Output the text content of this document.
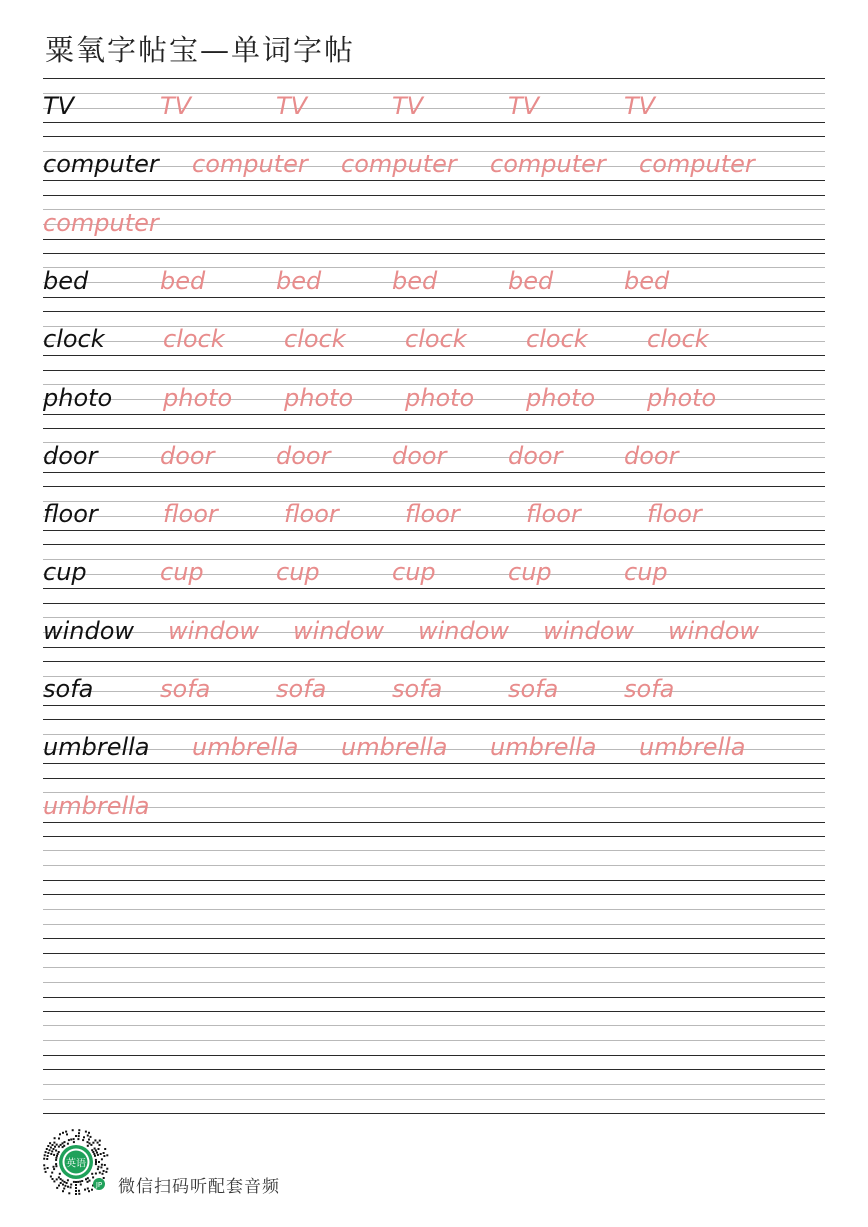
粟氧字帖宝—单词字帖
TV	TV	TV	TV	TV	TV
computer computer computer computer computer
computer
bed	bed	bed	bed	bed	bed
clock clock clock clock clock clock
photo photo photo photo photo photo
door	door	door	door	door	door
floor	floor	floor	floor	floor	floor
cup	cup	cup	cup	cup	cup
window window window window window window
sofa	sofa	sofa	sofa	sofa	sofa
umbrella umbrella umbrella umbrella umbrella
umbrella
英语
JP 微信扫码听配套音频
